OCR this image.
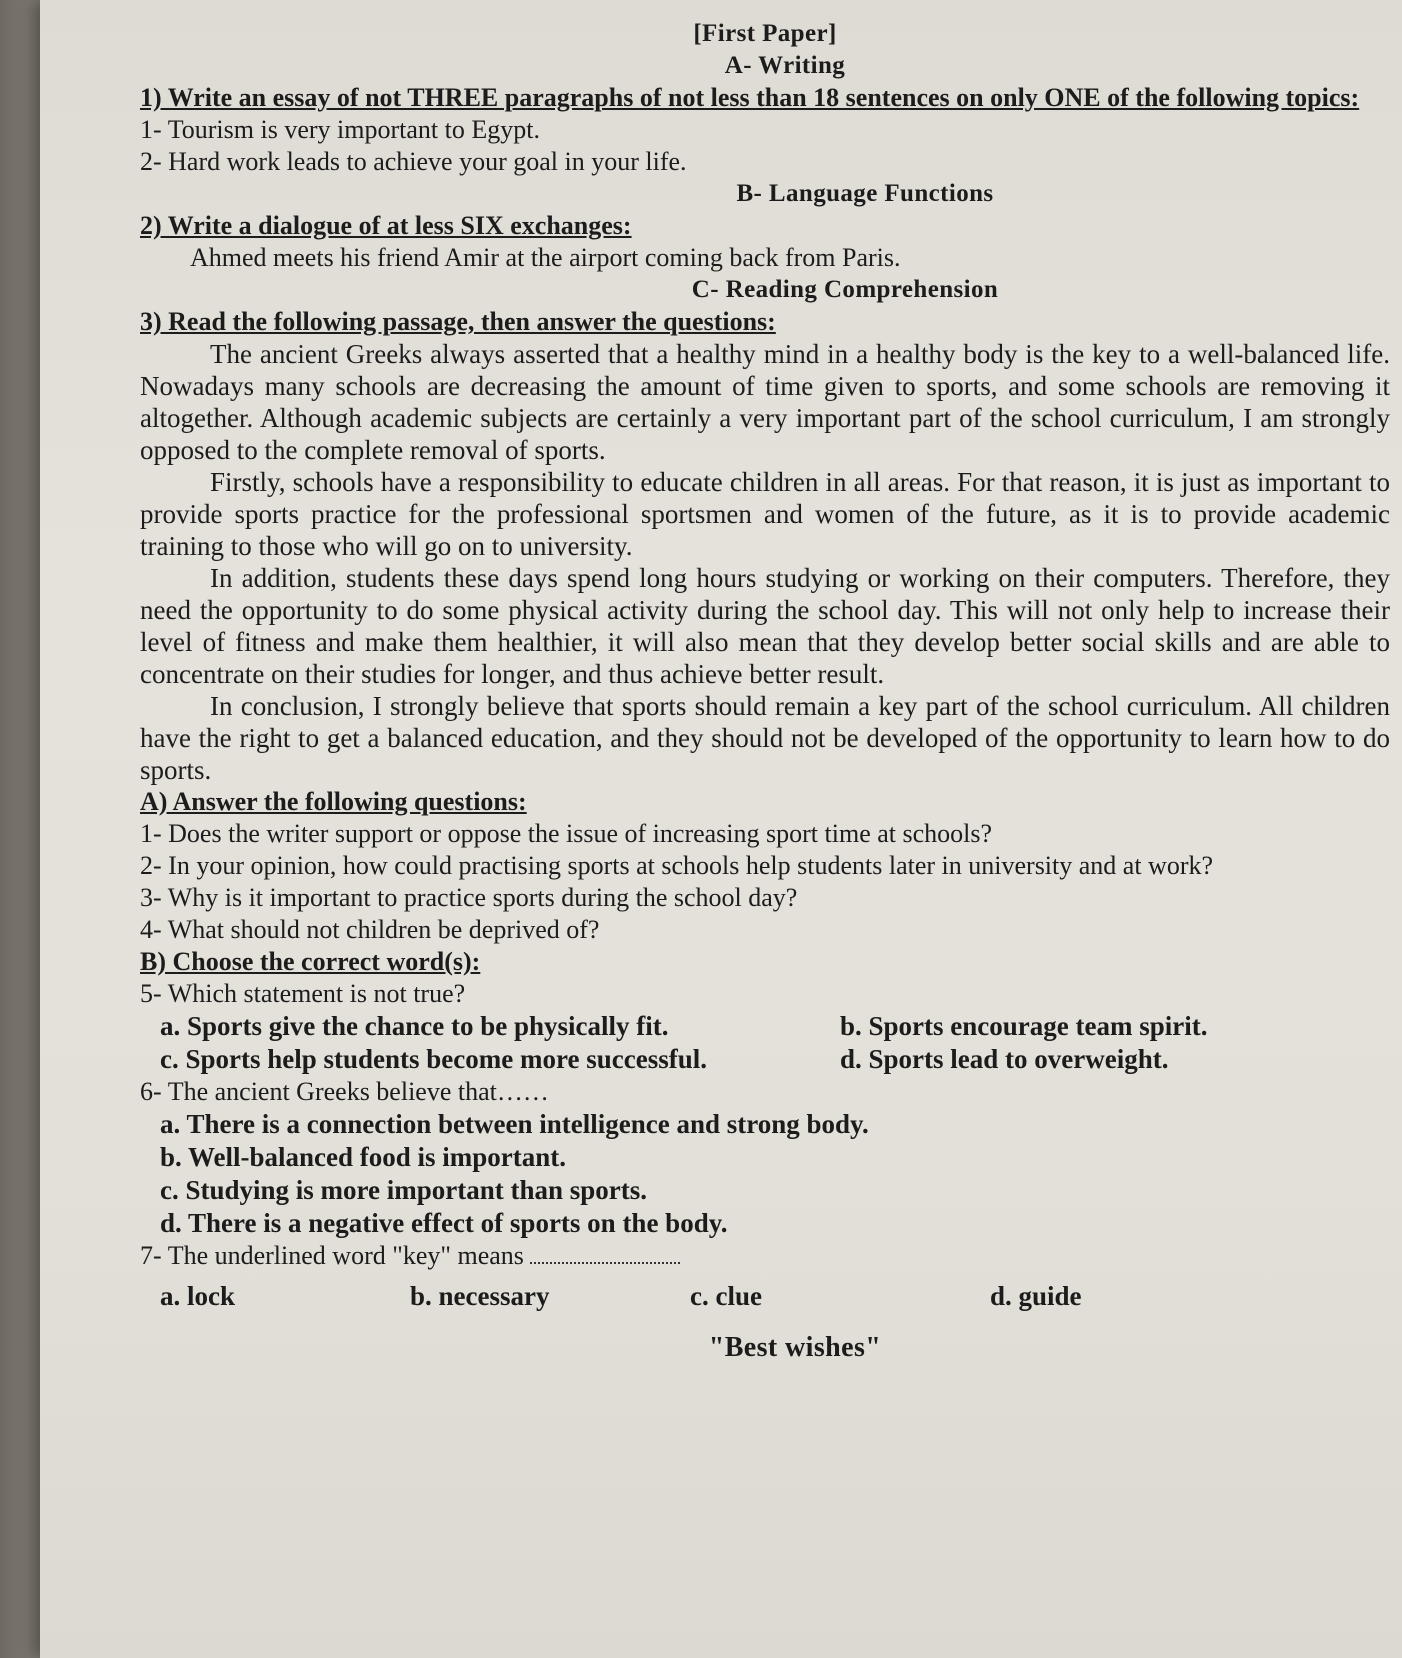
[First Paper]
A- Writing
1) Write an essay of not THREE paragraphs of not less than 18 sentences on only ONE of the following topics:
1- Tourism is very important to Egypt.
2- Hard work leads to achieve your goal in your life.
B- Language Functions
2) Write a dialogue of at less SIX exchanges:
Ahmed meets his friend Amir at the airport coming back from Paris.
C- Reading Comprehension
3) Read the following passage, then answer the questions:

The ancient Greeks always asserted that a healthy mind in a healthy body is the key to a well-balanced life. Nowadays many schools are decreasing the amount of time given to sports, and some schools are removing it altogether. Although academic subjects are certainly a very important part of the school curriculum, I am strongly opposed to the complete removal of sports.

Firstly, schools have a responsibility to educate children in all areas. For that reason, it is just as important to provide sports practice for the professional sportsmen and women of the future, as it is to provide academic training to those who will go on to university.

In addition, students these days spend long hours studying or working on their computers. Therefore, they need the opportunity to do some physical activity during the school day. This will not only help to increase their level of fitness and make them healthier, it will also mean that they develop better social skills and are able to concentrate on their studies for longer, and thus achieve better result.

In conclusion, I strongly believe that sports should remain a key part of the school curriculum. All children have the right to get a balanced education, and they should not be developed of the opportunity to learn how to do sports.

A) Answer the following questions:
1- Does the writer support or oppose the issue of increasing sport time at schools?
2- In your opinion, how could practising sports at schools help students later in university and at work?
3- Why is it important to practice sports during the school day?
4- What should not children be deprived of?
B) Choose the correct word(s):
5- Which statement is not true?
a. Sports give the chance to be physically fit.	b. Sports encourage team spirit.
c. Sports help students become more successful.	d. Sports lead to overweight.
6- The ancient Greeks believe that……
a. There is a connection between intelligence and strong body.
b. Well-balanced food is important.
c. Studying is more important than sports.
d. There is a negative effect of sports on the body.
7- The underlined word "key" means
a. lock	b. necessary	c. clue	d. guide
"Best wishes"
